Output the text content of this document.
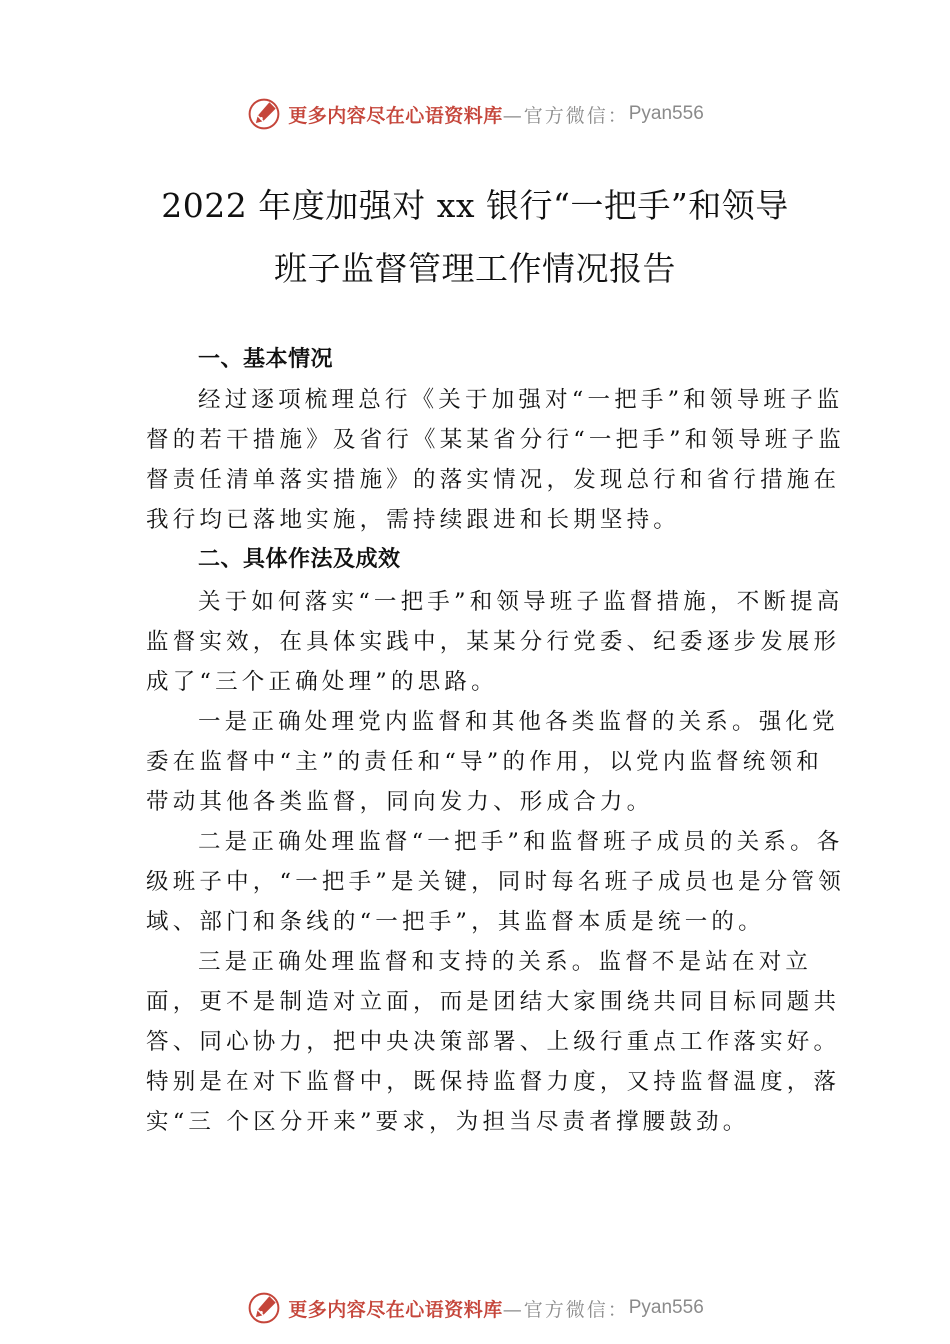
更多内容尽在心语资料库 —官方微信： Pyan556
2022 年度加强对 xx 银行“一把手”和领导
班子监督管理工作情况报告
一、基本情况

经过逐项梳理总行《关于加强对“一把手”和领导班子监督的若干措施》及省行《某某省分行“一把手”和领导班子监督责任清单落实措施》的落实情况，发现总行和省行措施在我行均已落地实施，需持续跟进和长期坚持。

二、具体作法及成效

关于如何落实“一把手”和领导班子监督措施，不断提高监督实效，在具体实践中，某某分行党委、纪委逐步发展形成了“三个正确处理”的思路。

一是正确处理党内监督和其他各类监督的关系。强化党委在监督中“主”的责任和“导”的作用，以党内监督统领和带动其他各类监督，同向发力、形成合力。

二是正确处理监督“一把手”和监督班子成员的关系。各级班子中，“一把手”是关键，同时每名班子成员也是分管领域、部门和条线的“一把手”，其监督本质是统一的。

三是正确处理监督和支持的关系。监督不是站在对立面，更不是制造对立面，而是团结大家围绕共同目标同题共答、同心协力，把中央决策部署、上级行重点工作落实好。特别是在对下监督中，既保持监督力度，又持监督温度，落实“三 个区分开来”要求，为担当尽责者撑腰鼓劲。

更多内容尽在心语资料库 —官方微信： Pyan556
